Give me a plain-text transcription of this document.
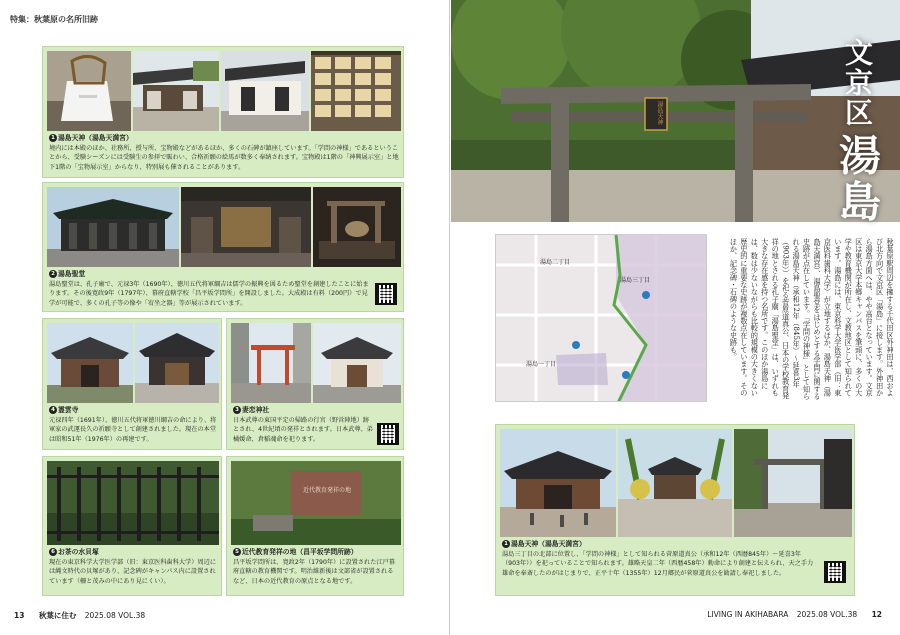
特集：秋葉原の名所旧跡
1 湯島天神（湯島天満宮）
境内には本殿のほか、社務所、授与所、宝物殿などがあるほか、多くの石碑が鎮座しています。「学問の神様」であるということから、受験シーズンには受験生の参拝で賑わい、合格祈願の絵馬が数多く奉納されます。宝物殿は1階の「神興展示室」と地下1階の「宝物展示室」からなり、特別展も催されることがあります。
2 湯島聖堂
湯島聖堂は、孔子廟で、元禄3年（1690年）、徳川五代将軍綱吉は儒学の振興を図るため聖堂を創建したことに始まります。その後寛政9年（1797年）、幕府直轄学校「昌平坂学問所」を開設しました。大成殿は有料（200円）で見学が可能で、多くの孔子等の像や「宥坐之器」等が展示されています。
4 霊雲寺
元禄四年（1691年）、徳川五代将軍徳川綱吉の命により、将軍家の武運長久の祈願寺として創建されました。現在の本堂は昭和51年（1976年）の再建です。
3 妻恋神社
日本武尊の東国平定の帰路の行宮（野営陣地）跡とされ、4世紀頃の発祥とされます。日本武尊、弟橘媛命、倉稲魂命を祀ります。
6 お茶の水貝塚
現在の東京科学大学医学部（旧：東京医科歯科大学）周辺には縄文時代の貝塚があり、記念碑がキャンパス内に設置されています（柵と茂みの中にあり見にくい）。
近代教育発祥の地
5 近代教育発祥の地（昌平坂学問所跡）
昌平坂学問所は、寛政2年（1790年）に設置された江戸幕府直轄の教育機関です。明治維新後は文部省が設置されるなど、日本の近代教育の原点となる地です。
13 秋葉に住む 2025.08 VOL.38
湯島天神	文京区 湯島
湯島二丁目
湯島三丁目
湯島一丁目	秋葉原駅周辺を擁する千代田区外神田は、西および北方向で文京区「湯島」に接します。外神田から湯島方面へは、やや高台となっています。文京区は東京大学本郷キャンパスを筆頭に、多くの大学や教育機関が所在し、文教地区として知られています。湯島には、東京科学大学医学部（旧：東京医科歯科大学）が立地するほか、湯島天神（湯島天満宮）、湯島聖堂をはじめとする学問に関する史跡が点在しています。「学問の神様」として知られる湯島天神（承和12年（845年）〜延喜3年（903年））を祀る菅原道真公、日本の学校教育発祥の地とされる孔子廟「湯島聖堂」は、いずれも大きな存在感を持つ名所です。このほか湯島には、数は少ないながらも比較的規模の大きくない歴史的に重要な史跡が複数点在しています。そのほか、記念碑・石碑のような史跡も。
1 湯島天神（湯島天満宮）
湯島三丁目の北部に位置し、「学問の神様」として知られる菅原道真公（承和12年（西暦845年）〜延喜3年（903年））を祀っていることで知られます。雄略天皇二年（西暦458年）勅命により創建と伝えられ、天之手力雄命を奉斎したのがはじまりで、正平十年（1355年）12月郷民が菅原道真公を勧請し奉祀しました。
LIVING IN AKIHABARA 2025.08 VOL.38 12
